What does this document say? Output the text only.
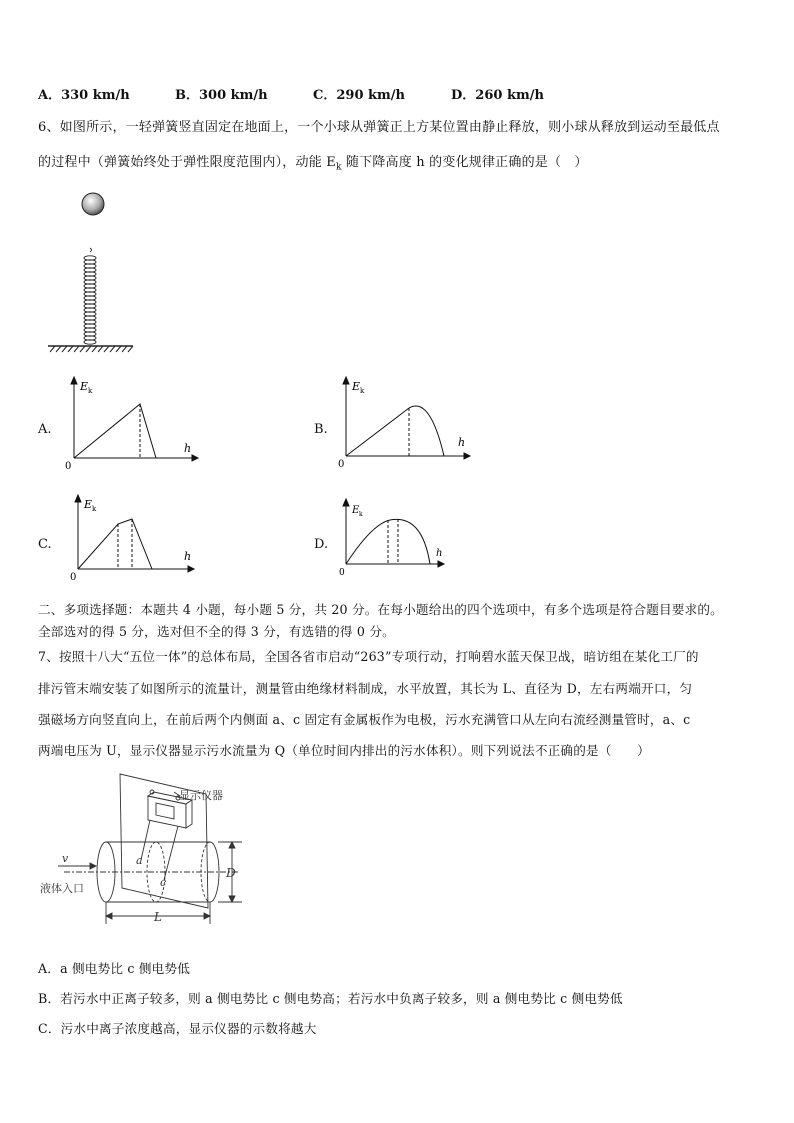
A．330 km/h	B．300 km/h	C．290 km/h	D．260 km/h
6、如图所示，一轻弹簧竖直固定在地面上，一个小球从弹簧正上方某位置由静止释放，则小球从释放到运动至最低点
的过程中（弹簧始终处于弹性限度范围内），动能 $E_k$ 随下降高度 h 的变化规律正确的是（　）
A.
E k
h
0
B.
E k
h
0
C.
E k
h
0
D.
E k
h
0
二、多项选择题：本题共 4 小题，每小题 5 分，共 20 分。在每小题给出的四个选项中，有多个选项是符合题目要求的。
全部选对的得 5 分，选对但不全的得 3 分，有选错的得 0 分。
7、按照十八大“五位一体”的总体布局，全国各省市启动“263”专项行动，打响碧水蓝天保卫战，暗访组在某化工厂的
排污管末端安装了如图所示的流量计，测量管由绝缘材料制成，水平放置，其长为 L、直径为 D，左右两端开口，匀
强磁场方向竖直向上，在前后两个内侧面 a、c 固定有金属板作为电极，污水充满管口从左向右流经测量管时，a、c
两端电压为 U，显示仪器显示污水流量为 Q（单位时间内排出的污水体积）。则下列说法不正确的是（　　）
显示仪器
液体入口
v	a
c
D
L
A．a 侧电势比 c 侧电势低
B．若污水中正离子较多，则 a 侧电势比 c 侧电势高；若污水中负离子较多，则 a 侧电势比 c 侧电势低
C．污水中离子浓度越高，显示仪器的示数将越大
